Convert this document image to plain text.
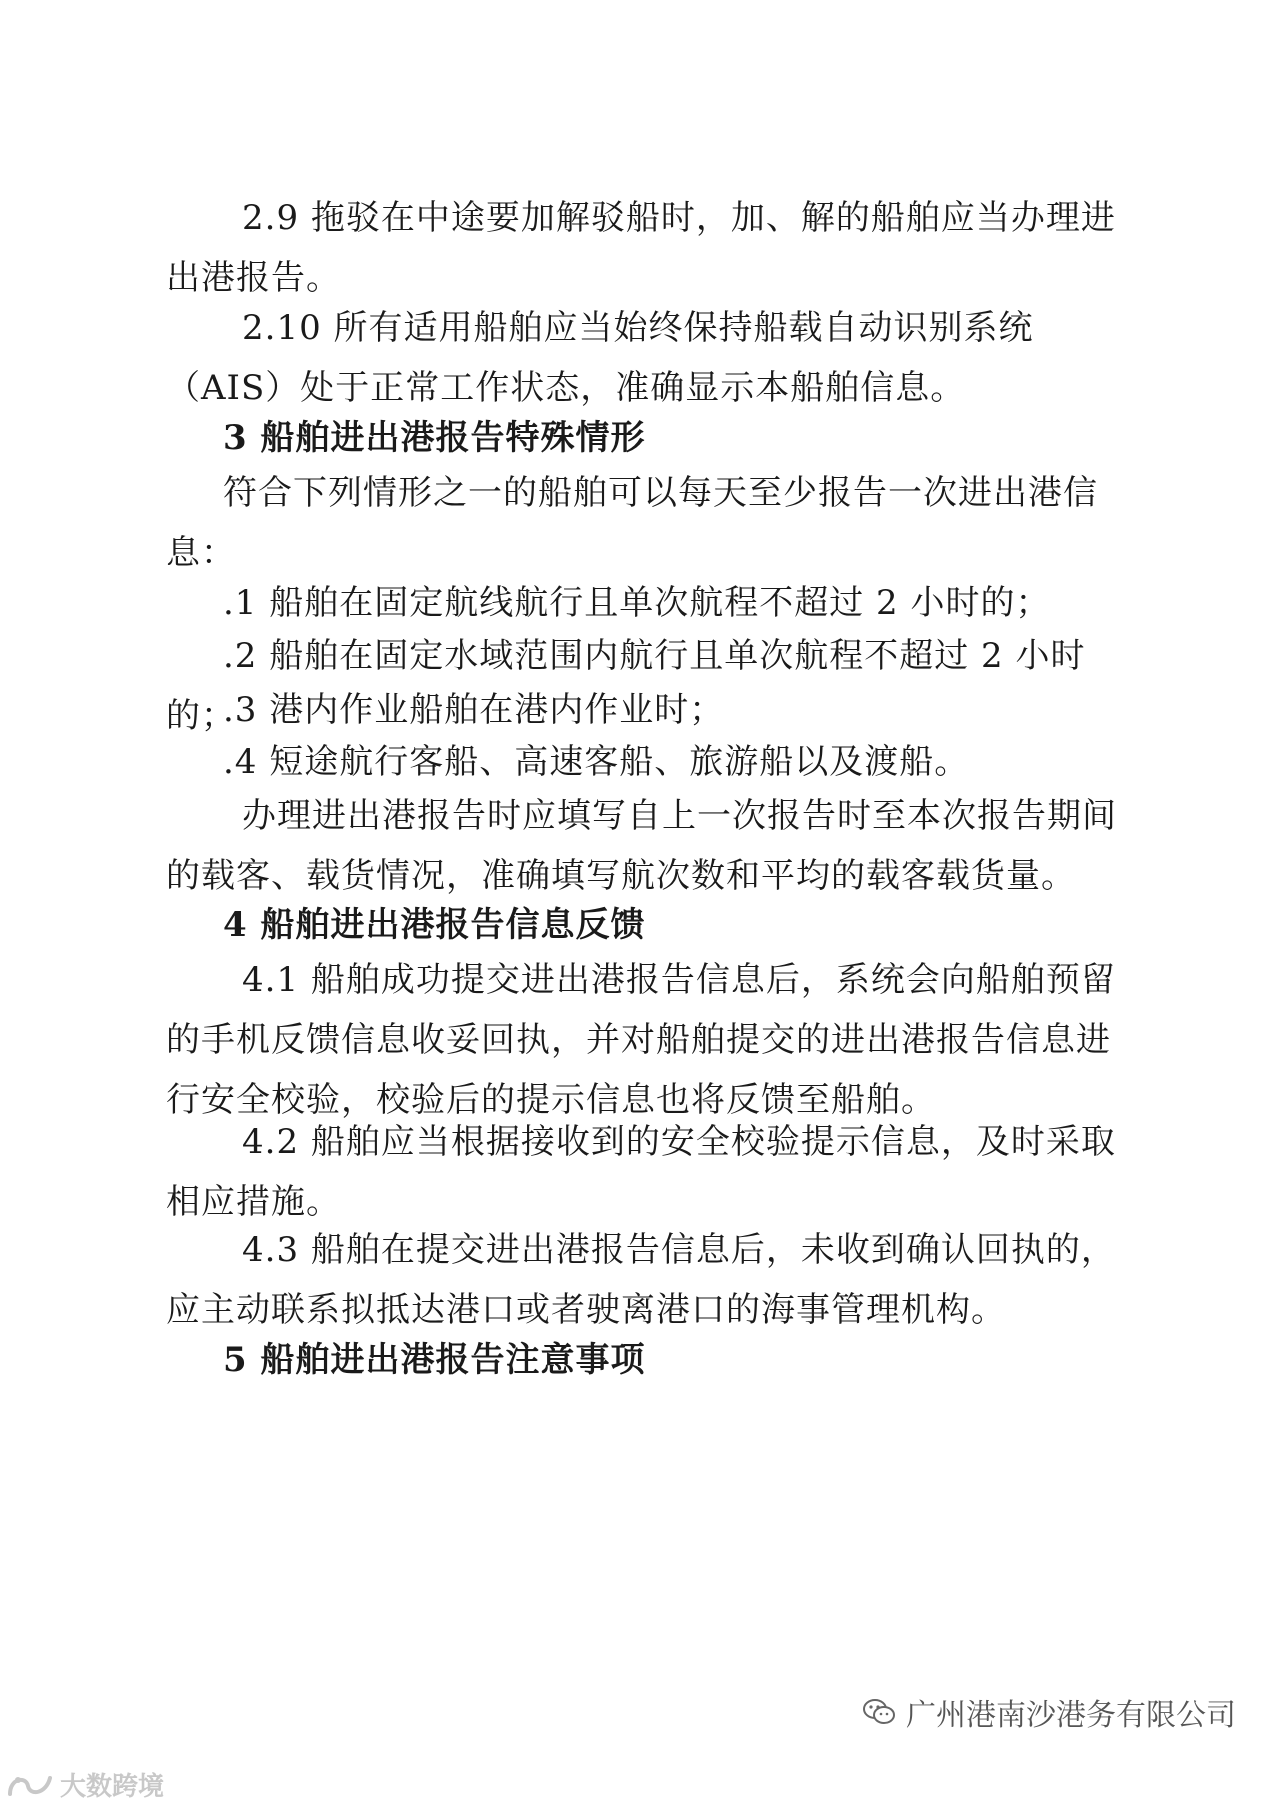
2.9 拖驳在中途要加解驳船时，加、解的船舶应当办理进出港报告。

2.10 所有适用船舶应当始终保持船载自动识别系统（AIS）处于正常工作状态，准确显示本船舶信息。

3 船舶进出港报告特殊情形

符合下列情形之一的船舶可以每天至少报告一次进出港信息：

.1 船舶在固定航线航行且单次航程不超过 2 小时的；

.2 船舶在固定水域范围内航行且单次航程不超过 2 小时的；

.3 港内作业船舶在港内作业时；

.4 短途航行客船、高速客船、旅游船以及渡船。

办理进出港报告时应填写自上一次报告时至本次报告期间的载客、载货情况，准确填写航次数和平均的载客载货量。

4 船舶进出港报告信息反馈

4.1 船舶成功提交进出港报告信息后，系统会向船舶预留的手机反馈信息收妥回执，并对船舶提交的进出港报告信息进行安全校验，校验后的提示信息也将反馈至船舶。

4.2 船舶应当根据接收到的安全校验提示信息，及时采取相应措施。

4.3 船舶在提交进出港报告信息后，未收到确认回执的，应主动联系拟抵达港口或者驶离港口的海事管理机构。

5 船舶进出港报告注意事项

广州港南沙港务有限公司
大数跨境
